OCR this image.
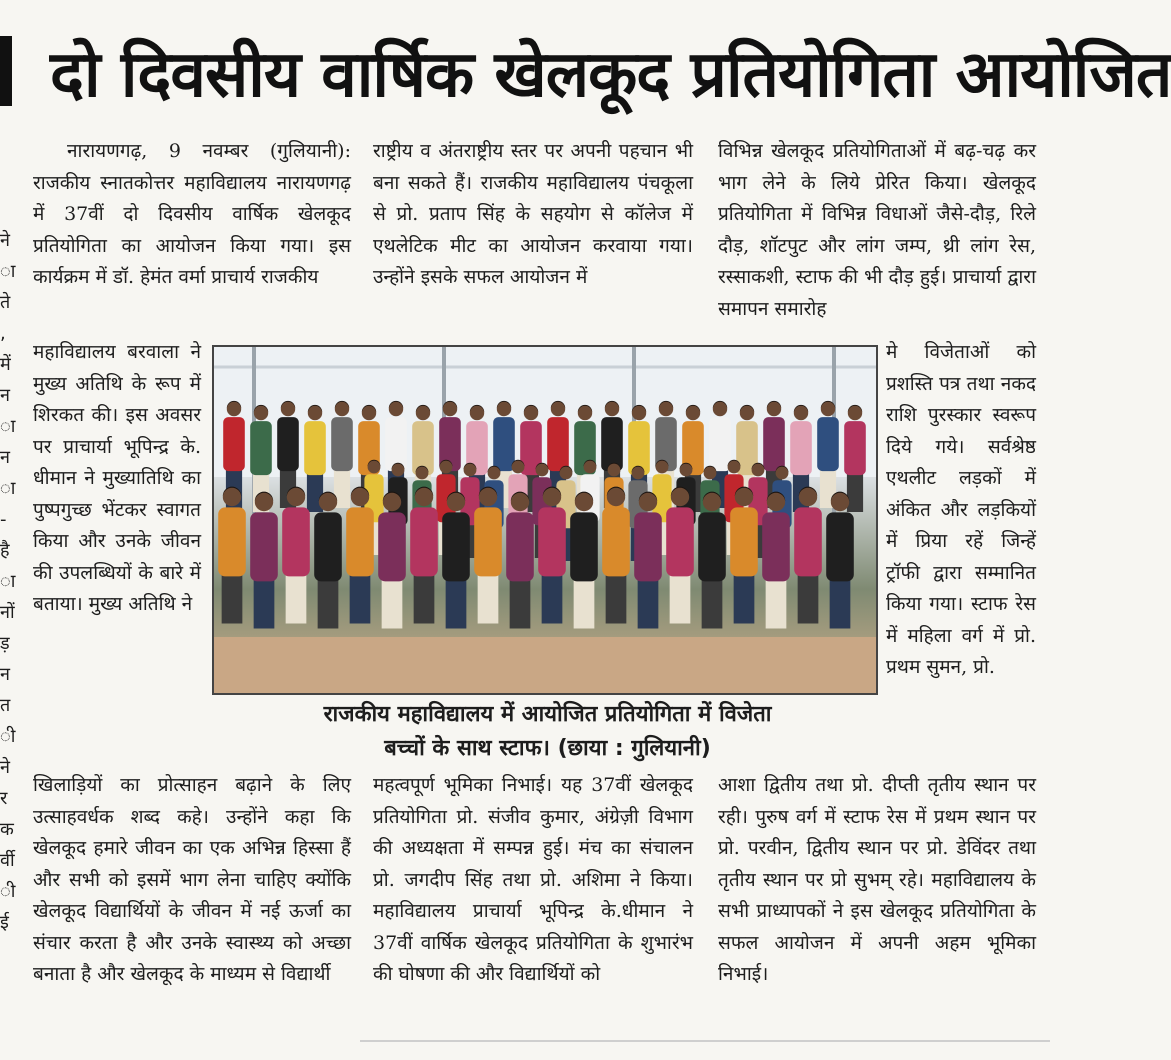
ने
ा
ते
,
में
न
ा
न
ा
-
है
ा
नों
ड़
न
त
ी
ने
र
क
र्वी
ी
ई
दो दिवसीय वार्षिक खेलकूद प्रतियोगिता आयोजित

नारायणगढ़, 9 नवम्बर (गुलियानी): राजकीय स्नातकोत्तर महाविद्यालय नारायणगढ़ में 37वीं दो दिवसीय वार्षिक खेलकूद प्रतियोगिता का आयोजन किया गया। इस कार्यक्रम में डॉ. हेमंत वर्मा प्राचार्य राजकीय

महाविद्यालय बरवाला ने मुख्य अतिथि के रूप में शिरकत की। इस अवसर पर प्राचार्या भूपिन्द्र के. धीमान ने मुख्यातिथि का पुष्पगुच्छ भेंटकर स्वागत किया और उनके जीवन की उपलब्धियों के बारे में बताया। मुख्य अतिथि ने

खिलाड़ियों का प्रोत्साहन बढ़ाने के लिए उत्साहवर्धक शब्द कहे। उन्होंने कहा कि खेलकूद हमारे जीवन का एक अभिन्न हिस्सा हैं और सभी को इसमें भाग लेना चाहिए क्योंकि खेलकूद विद्यार्थियों के जीवन में नई ऊर्जा का संचार करता है और उनके स्वास्थ्य को अच्छा बनाता है और खेलकूद के माध्यम से विद्यार्थी

राष्ट्रीय व अंतराष्ट्रीय स्तर पर अपनी पहचान भी बना सकते हैं। राजकीय महाविद्यालय पंचकूला से प्रो. प्रताप सिंह के सहयोग से कॉलेज में एथलेटिक मीट का आयोजन करवाया गया। उन्होंने इसके सफल आयोजन में

महत्वपूर्ण भूमिका निभाई। यह 37वीं खेलकूद प्रतियोगिता प्रो. संजीव कुमार, अंग्रेज़ी विभाग की अध्यक्षता में सम्पन्न हुई। मंच का संचालन प्रो. जगदीप सिंह तथा प्रो. अशिमा ने किया। महाविद्यालय प्राचार्या भूपिन्द्र के.धीमान ने 37वीं वार्षिक खेलकूद प्रतियोगिता के शुभारंभ की घोषणा की और विद्यार्थियों को

विभिन्न खेलकूद प्रतियोगिताओं में बढ़-चढ़ कर भाग लेने के लिये प्रेरित किया। खेलकूद प्रतियोगिता में विभिन्न विधाओं जैसे-दौड़, रिले दौड़, शॉटपुट और लांग जम्प, थ्री लांग रेस, रस्साकशी, स्टाफ की भी दौड़ हुई। प्राचार्या द्वारा समापन समारोह

मे विजेताओं को प्रशस्ति पत्र तथा नकद राशि पुरस्कार स्वरूप दिये गये। सर्वश्रेष्ठ एथलीट लड़कों में अंकित और लड़कियों में प्रिया रहें जिन्हें ट्रॉफी द्वारा सम्मानित किया गया। स्टाफ रेस में महिला वर्ग में प्रो. प्रथम सुमन, प्रो.

आशा द्वितीय तथा प्रो. दीप्ती तृतीय स्थान पर रही। पुरुष वर्ग में स्टाफ रेस में प्रथम स्थान पर प्रो. परवीन, द्वितीय स्थान पर प्रो. डेविंदर तथा तृतीय स्थान पर प्रो सुभम् रहे। महाविद्यालय के सभी प्राध्यापकों ने इस खेलकूद प्रतियोगिता के सफल आयोजन में अपनी अहम भूमिका निभाई।

राजकीय महाविद्यालय में आयोजित प्रतियोगिता में विजेता
बच्चों के साथ स्टाफ। (छाया : गुलियानी)
